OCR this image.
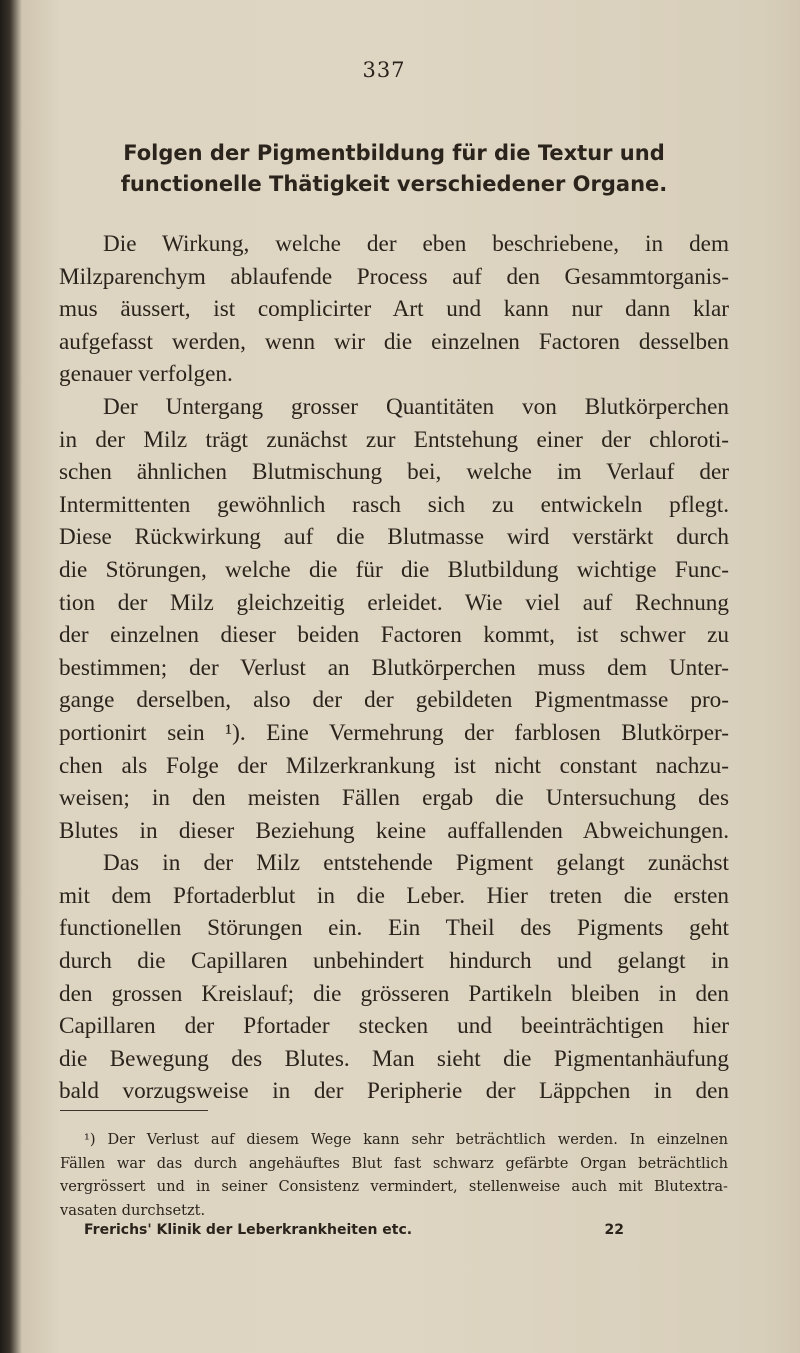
337
Folgen der Pigmentbildung für die Textur und
functionelle Thätigkeit verschiedener Organe.
Die Wirkung, welche der eben beschriebene, in dem
Milzparenchym ablaufende Process auf den Gesammtorganis-
mus äussert, ist complicirter Art und kann nur dann klar
aufgefasst werden, wenn wir die einzelnen Factoren desselben
genauer verfolgen.
Der Untergang grosser Quantitäten von Blutkörperchen
in der Milz trägt zunächst zur Entstehung einer der chloroti-
schen ähnlichen Blutmischung bei, welche im Verlauf der
Intermittenten gewöhnlich rasch sich zu entwickeln pflegt.
Diese Rückwirkung auf die Blutmasse wird verstärkt durch
die Störungen, welche die für die Blutbildung wichtige Func-
tion der Milz gleichzeitig erleidet. Wie viel auf Rechnung
der einzelnen dieser beiden Factoren kommt, ist schwer zu
bestimmen; der Verlust an Blutkörperchen muss dem Unter-
gange derselben, also der der gebildeten Pigmentmasse pro-
portionirt sein ¹). Eine Vermehrung der farblosen Blutkörper-
chen als Folge der Milzerkrankung ist nicht constant nachzu-
weisen; in den meisten Fällen ergab die Untersuchung des
Blutes in dieser Beziehung keine auffallenden Abweichungen.
Das in der Milz entstehende Pigment gelangt zunächst
mit dem Pfortaderblut in die Leber. Hier treten die ersten
functionellen Störungen ein. Ein Theil des Pigments geht
durch die Capillaren unbehindert hindurch und gelangt in
den grossen Kreislauf; die grösseren Partikeln bleiben in den
Capillaren der Pfortader stecken und beeinträchtigen hier
die Bewegung des Blutes. Man sieht die Pigmentanhäufung
bald vorzugsweise in der Peripherie der Läppchen in den
¹) Der Verlust auf diesem Wege kann sehr beträchtlich werden. In einzelnen
Fällen war das durch angehäuftes Blut fast schwarz gefärbte Organ beträchtlich
vergrössert und in seiner Consistenz vermindert, stellenweise auch mit Blutextra-
vasaten durchsetzt.
Frerichs' Klinik der Leberkrankheiten etc.	22
